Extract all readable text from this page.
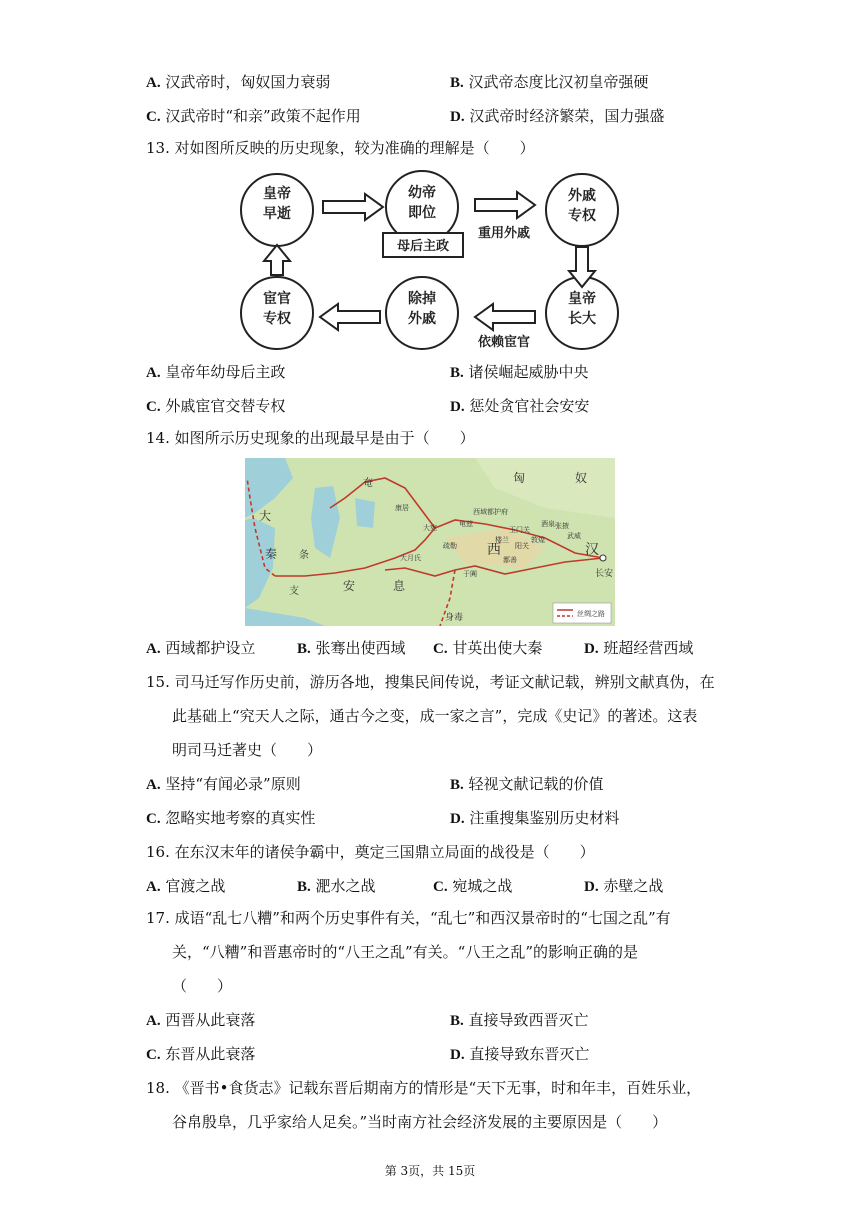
A. 汉武帝时，匈奴国力衰弱	B. 汉武帝态度比汉初皇帝强硬
C. 汉武帝时“和亲”政策不起作用	D. 汉武帝时经济繁荣，国力强盛
13. 对如图所反映的历史现象，较为准确的理解是（　　）
皇帝早逝
幼帝即位
外戚专权
皇帝长大
除掉外戚
宦官专权
母后主政
重用外戚
依赖宦官
A. 皇帝年幼母后主政	B. 诸侯崛起威胁中央
C. 外戚宦官交替专权	D. 惩处贪官社会安安
14. 如图所示历史现象的出现最早是由于（　　）
匈	奴
大
秦
安	息
西	汉
长安
身毒
大月氏
大宛
康居
疏勒
于阗
西域都护府
玉门关
阳关
敦煌
张掖
武威
酒泉
楼兰
鄯善
龟兹
条
支
奄
丝绸之路
A. 西域都护设立	B. 张骞出使西域 C. 甘英出使大秦	D. 班超经营西域
15. 司马迁写作历史前，游历各地，搜集民间传说，考证文献记载，辨别文献真伪，在
此基础上“究天人之际，通古今之变，成一家之言”，完成《史记》的著述。这表
明司马迁著史（　　）
A. 坚持“有闻必录”原则	B. 轻视文献记载的价值
C. 忽略实地考察的真实性	D. 注重搜集鉴别历史材料
16. 在东汉末年的诸侯争霸中，奠定三国鼎立局面的战役是（　　）
A. 官渡之战	B. 淝水之战	C. 宛城之战	D. 赤壁之战
17. 成语“乱七八糟”和两个历史事件有关，“乱七”和西汉景帝时的“七国之乱”有
关，“八糟”和晋惠帝时的“八王之乱”有关。“八王之乱”的影响正确的是
（　　）
A. 西晋从此衰落	B. 直接导致西晋灭亡
C. 东晋从此衰落	D. 直接导致东晋灭亡
18. 《晋书•食货志》记载东晋后期南方的情形是“天下无事，时和年丰，百姓乐业，
谷帛殷阜，几乎家给人足矣。”当时南方社会经济发展的主要原因是（　　）
第 3页，共 15页
